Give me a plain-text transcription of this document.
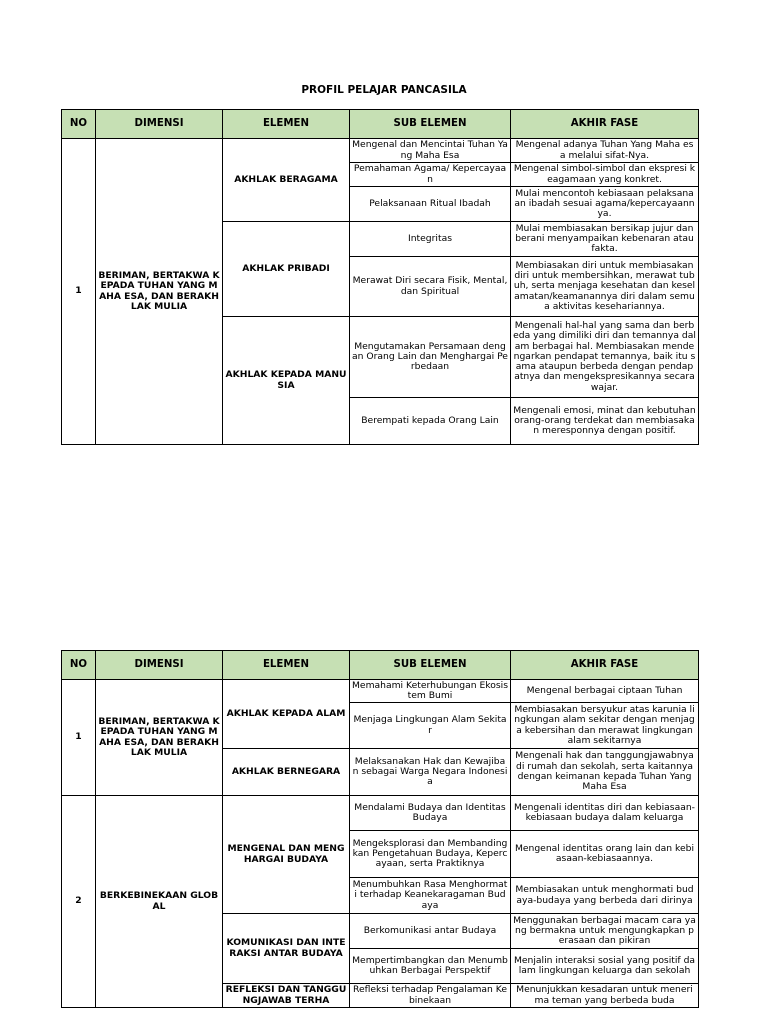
PROFIL PELAJAR PANCASILA
NO	DIMENSI	ELEMEN	SUB ELEMEN	AKHIR FASE
1	BERIMAN, BERTAKWA KEPADA TUHAN YANG MAHA ESA, DAN BERAKHLAK MULIA	AKHLAK BERAGAMA	Mengenal dan Mencintai Tuhan Yang Maha Esa	Mengenal adanya Tuhan Yang Maha esa melalui sifat-Nya.
			Pemahaman Agama/ Kepercayaan	Mengenal simbol-simbol dan ekspresi keagamaan yang konkret.
			Pelaksanaan Ritual Ibadah	Mulai mencontoh kebiasaan pelaksanaan ibadah sesuai agama/kepercayaannya.
		AKHLAK PRIBADI	Integritas	Mulai membiasakan bersikap jujur dan berani menyampaikan kebenaran atau fakta.
			Merawat Diri secara Fisik, Mental, dan Spiritual	Membiasakan diri untuk membiasakan diri untuk membersihkan, merawat tubuh, serta menjaga kesehatan dan keselamatan/keamanannya diri dalam semua aktivitas kesehariannya.
		AKHLAK KEPADA MANUSIA	Mengutamakan Persamaan dengan Orang Lain dan Menghargai Perbedaan	Mengenali hal-hal yang sama dan berbeda yang dimiliki diri dan temannya dalam berbagai hal. Membiasakan mendengarkan pendapat temannya, baik itu sama ataupun berbeda dengan pendapatnya dan mengekspresikannya secara wajar.
			Berempati kepada Orang Lain	Mengenali emosi, minat dan kebutuhan orang-orang terdekat dan membiasakan meresponnya dengan positif.
NO	DIMENSI	ELEMEN	SUB ELEMEN	AKHIR FASE
1	BERIMAN, BERTAKWA KEPADA TUHAN YANG MAHA ESA, DAN BERAKHLAK MULIA	AKHLAK KEPADA ALAM	Memahami Keterhubungan Ekosistem Bumi	Mengenal berbagai ciptaan Tuhan
			Menjaga Lingkungan Alam Sekitar	Membiasakan bersyukur atas karunia lingkungan alam sekitar dengan menjaga kebersihan dan merawat lingkungan alam sekitarnya
		AKHLAK BERNEGARA	Melaksanakan Hak dan Kewajiban sebagai Warga Negara Indonesia	Mengenali hak dan tanggungjawabnya di rumah dan sekolah, serta kaitannya dengan keimanan kepada Tuhan Yang Maha Esa
2	BERKEBINEKAAN GLOBAL	MENGENAL DAN MENGHARGAI BUDAYA	Mendalami Budaya dan Identitas Budaya	Mengenali identitas diri dan kebiasaan-kebiasaan budaya dalam keluarga
			Mengeksplorasi dan Membandingkan Pengetahuan Budaya, Kepercayaan, serta Praktiknya	Mengenal identitas orang lain dan kebiasaan-kebiasaannya.
			Menumbuhkan Rasa Menghormati terhadap Keanekaragaman Budaya	Membiasakan untuk menghormati budaya-budaya yang berbeda dari dirinya
		KOMUNIKASI DAN INTERAKSI ANTAR BUDAYA	Berkomunikasi antar Budaya	Menggunakan berbagai macam cara yang bermakna untuk mengungkapkan perasaan dan pikiran
			Mempertimbangkan dan Menumbuhkan Berbagai Perspektif	Menjalin interaksi sosial yang positif dalam lingkungan keluarga dan sekolah
		REFLEKSI DAN TANGGUNGJAWAB TERHA	Refleksi terhadap Pengalaman Kebinekaan	Menunjukkan kesadaran untuk menerima teman yang berbeda buda
